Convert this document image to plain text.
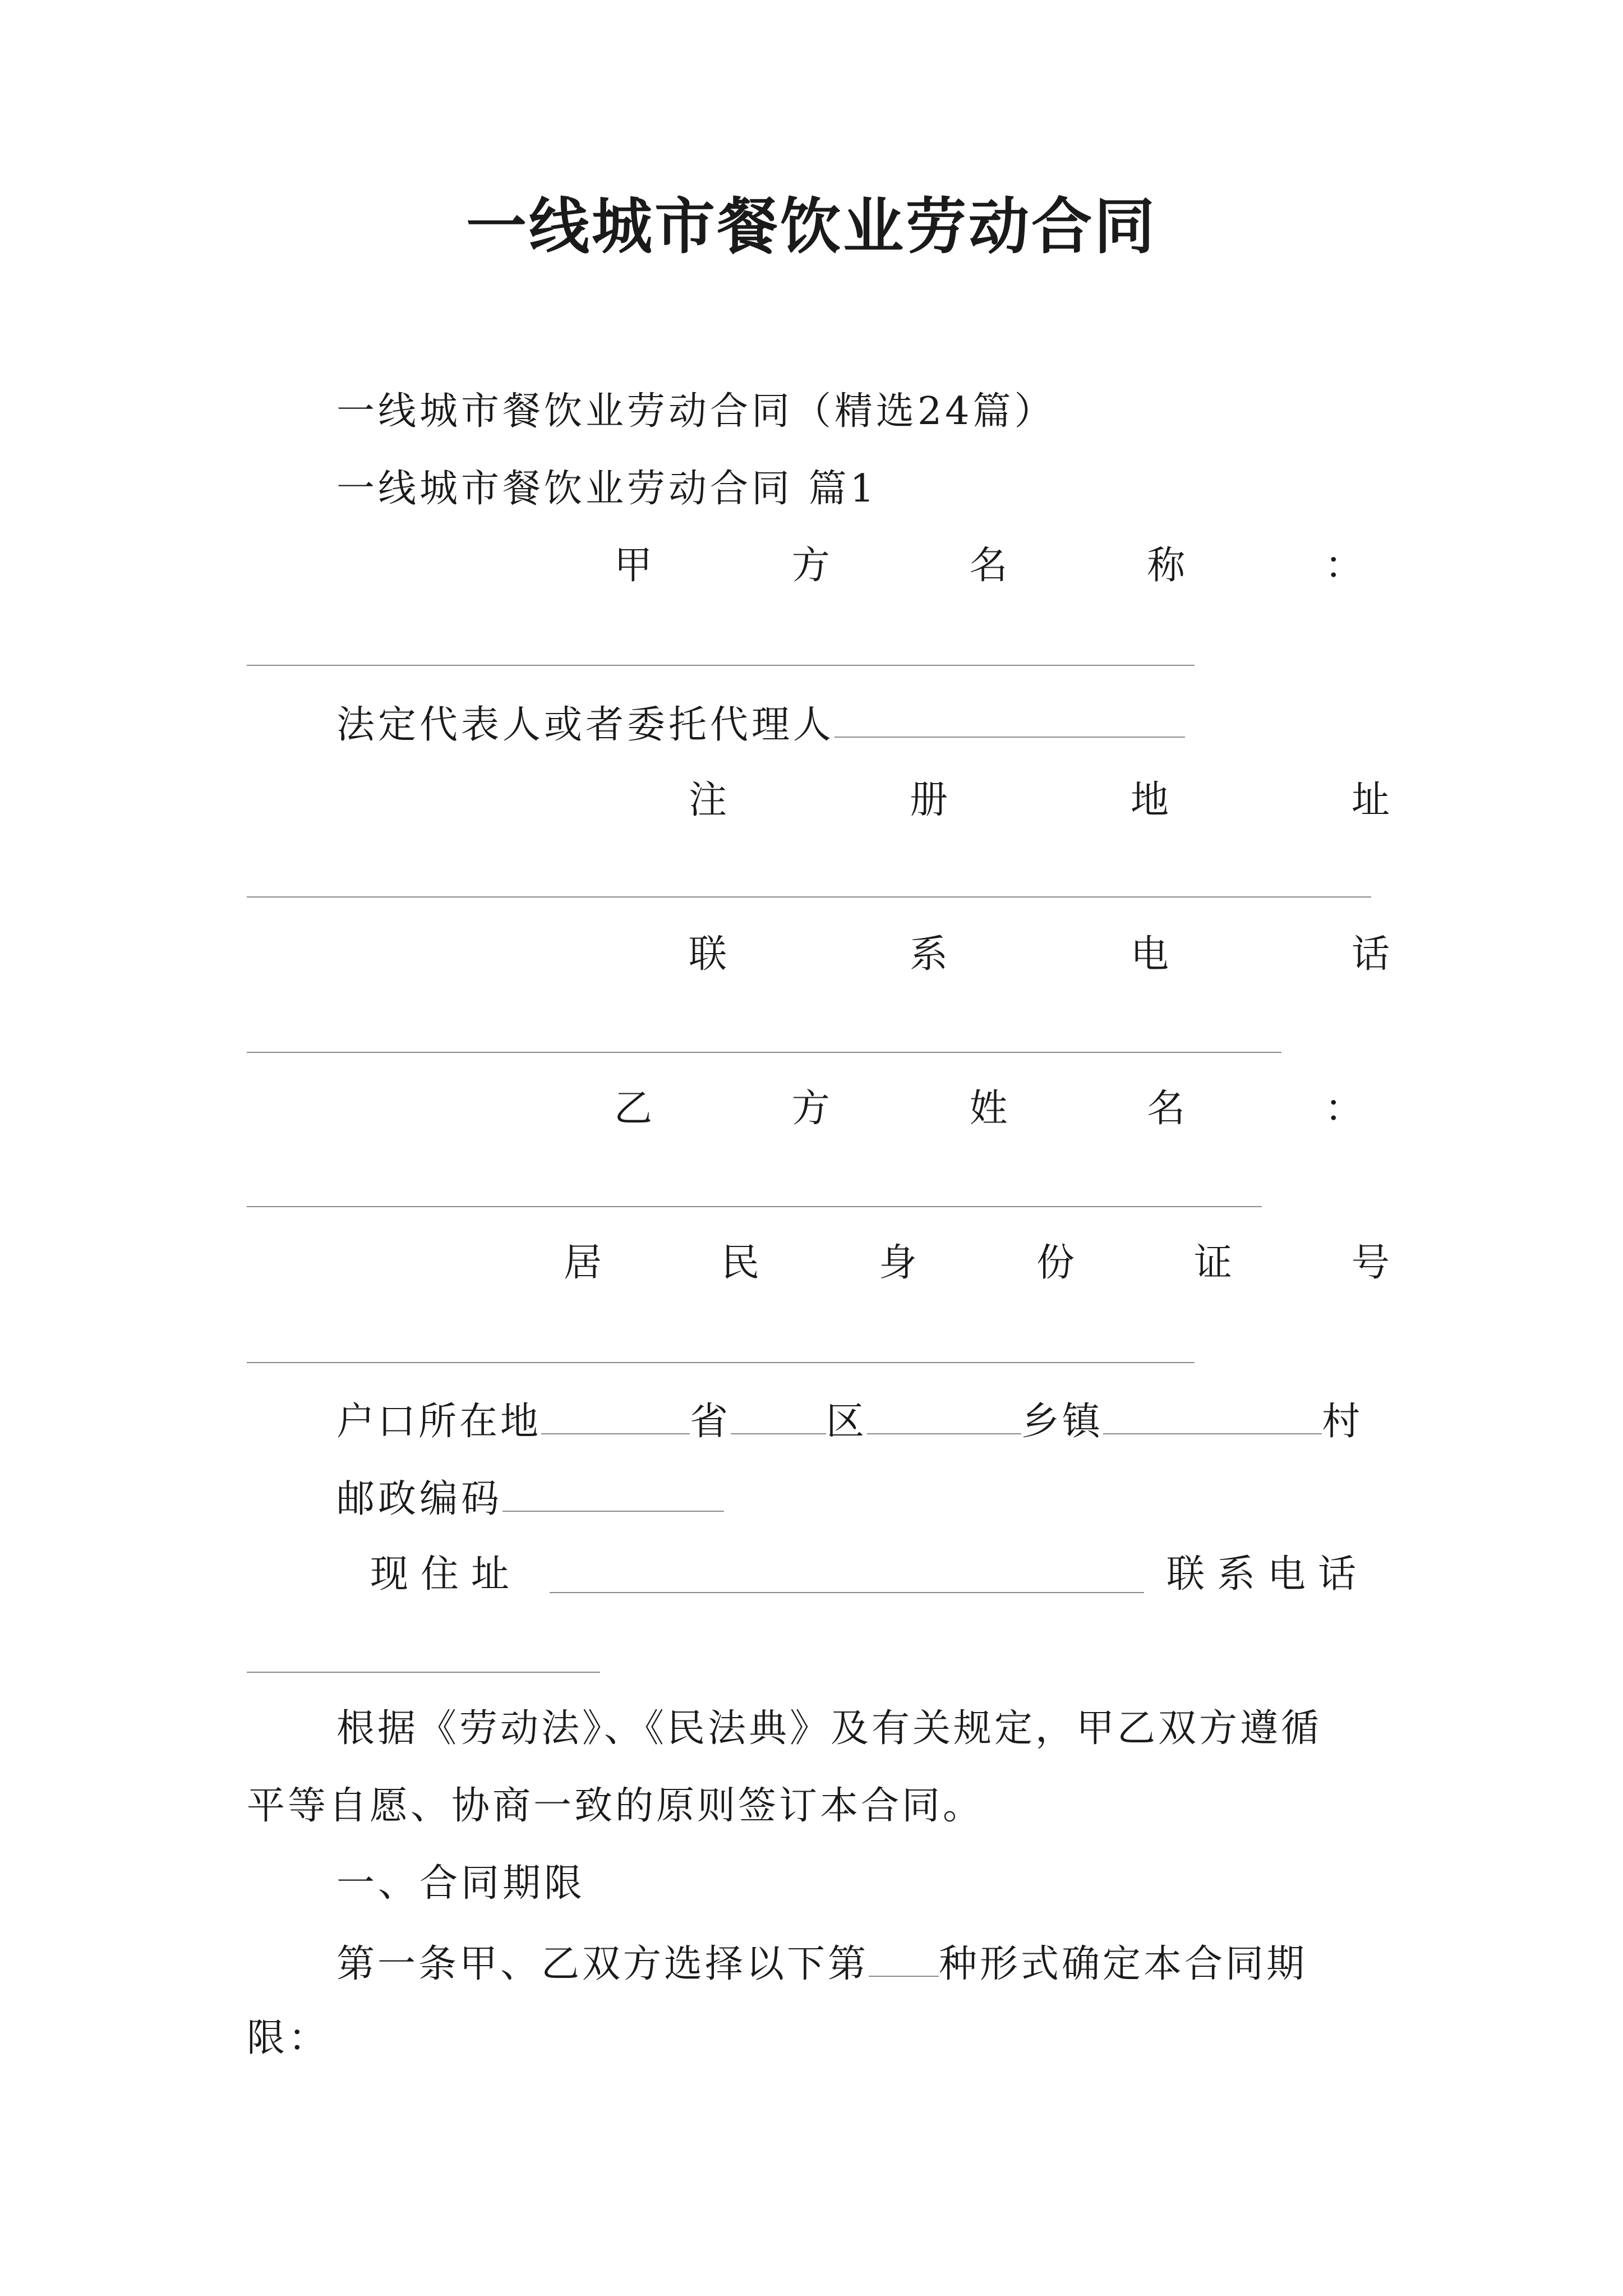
一线城市餐饮业劳动合同
一线城市餐饮业劳动合同（精选24篇）
一线城市餐饮业劳动合同 篇1
甲	方	名	称	：
法定代表人或者委托代理人
注	册	地	址
联	系	电	话
乙	方	姓	名	：
居	民	身	份	证	号
户口所在地	省	区	乡镇	村
邮政编码
现住址	联系电话
根据《劳动法》、《民法典》及有关规定，甲乙双方遵循
平等自愿、协商一致的原则签订本合同。
一、合同期限
第一条甲、乙双方选择以下第 种形式确定本合同期
限：
